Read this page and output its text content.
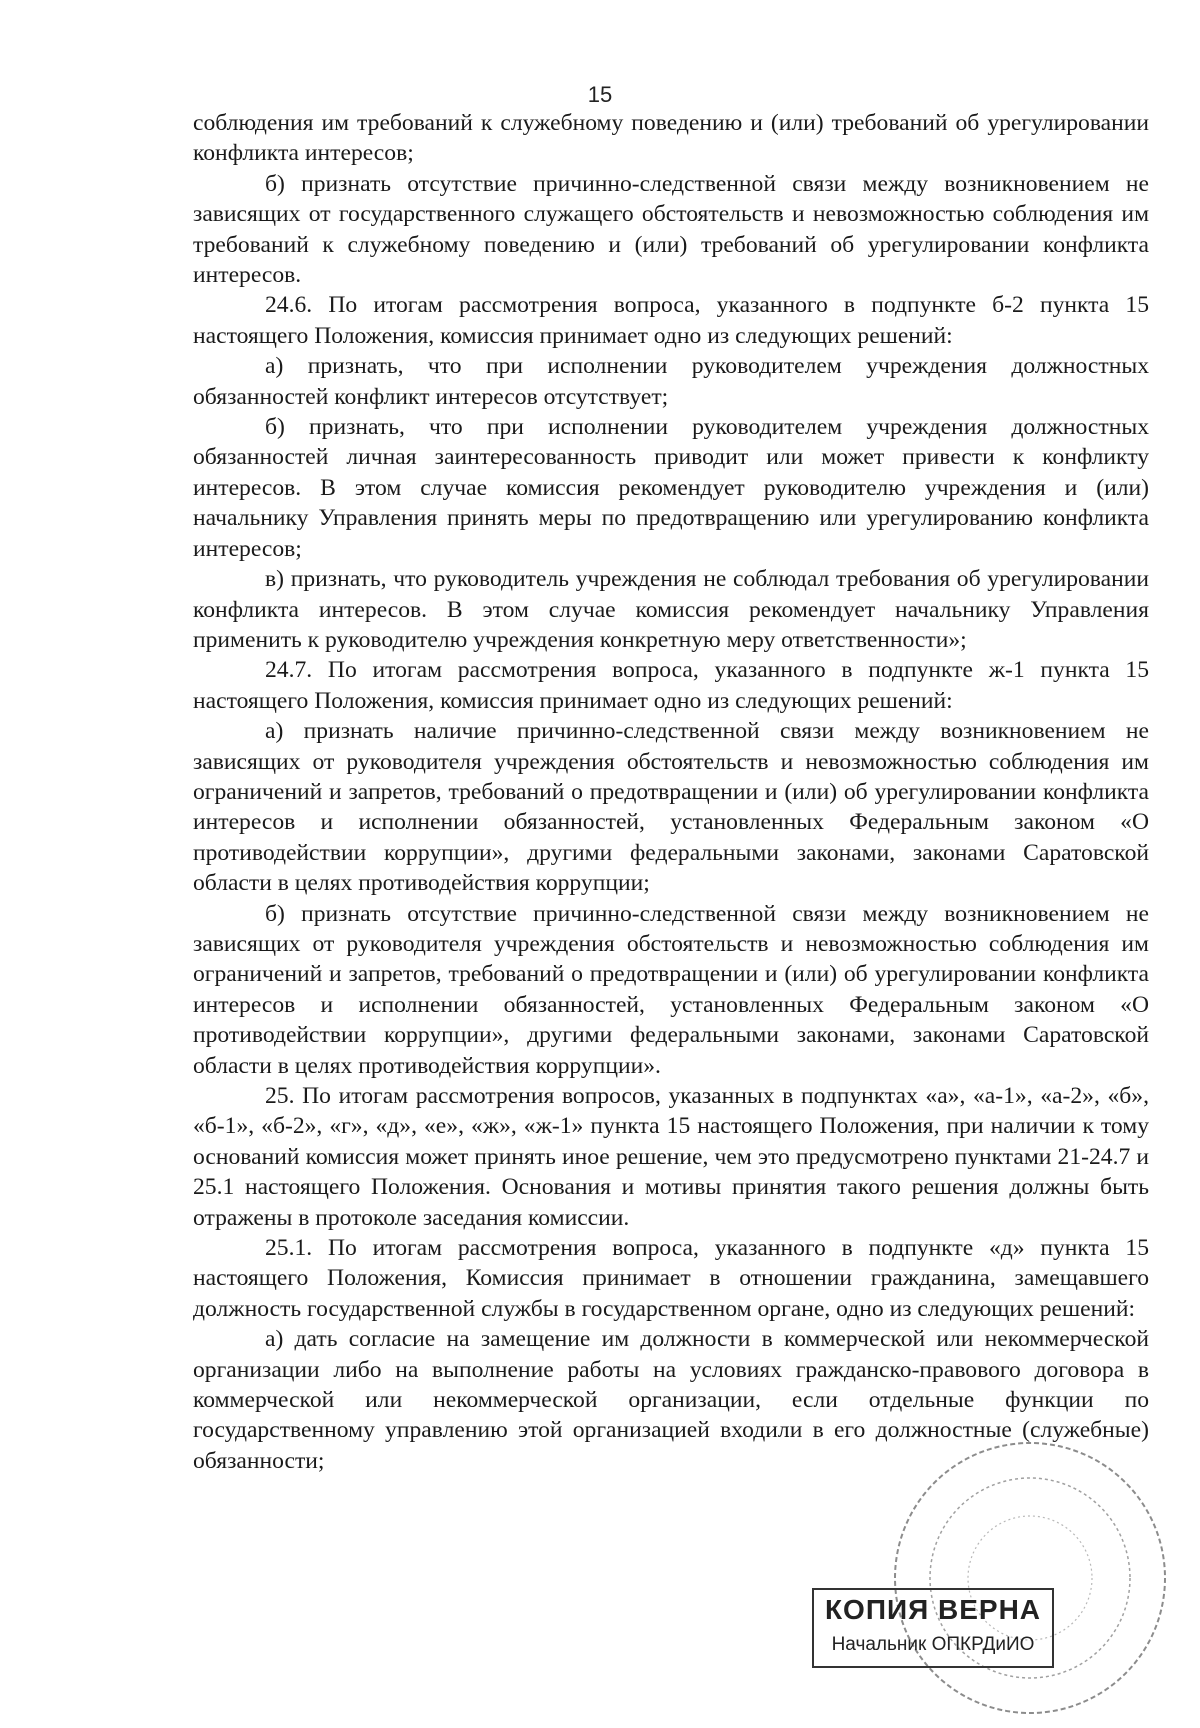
15

соблюдения им требований к служебному поведению и (или) требований об урегулировании конфликта интересов;

б) признать отсутствие причинно-следственной связи между возникновением не зависящих от государственного служащего обстоятельств и невозможностью соблюдения им требований к служебному поведению и (или) требований об урегулировании конфликта интересов.

24.6. По итогам рассмотрения вопроса, указанного в подпункте б-2 пункта 15 настоящего Положения, комиссия принимает одно из следующих решений:

а) признать, что при исполнении руководителем учреждения должностных обязанностей конфликт интересов отсутствует;

б) признать, что при исполнении руководителем учреждения должностных обязанностей личная заинтересованность приводит или может привести к конфликту интересов. В этом случае комиссия рекомендует руководителю учреждения и (или) начальнику Управления принять меры по предотвращению или урегулированию конфликта интересов;

в) признать, что руководитель учреждения не соблюдал требования об урегулировании конфликта интересов. В этом случае комиссия рекомендует начальнику Управления применить к руководителю учреждения конкретную меру ответственности»;

24.7. По итогам рассмотрения вопроса, указанного в подпункте ж-1 пункта 15 настоящего Положения, комиссия принимает одно из следующих решений:

а) признать наличие причинно-следственной связи между возникновением не зависящих от руководителя учреждения обстоятельств и невозможностью соблюдения им ограничений и запретов, требований о предотвращении и (или) об урегулировании конфликта интересов и исполнении обязанностей, установленных Федеральным законом «О противодействии коррупции», другими федеральными законами, законами Саратовской области в целях противодействия коррупции;

б) признать отсутствие причинно-следственной связи между возникновением не зависящих от руководителя учреждения обстоятельств и невозможностью соблюдения им ограничений и запретов, требований о предотвращении и (или) об урегулировании конфликта интересов и исполнении обязанностей, установленных Федеральным законом «О противодействии коррупции», другими федеральными законами, законами Саратовской области в целях противодействия коррупции».

25. По итогам рассмотрения вопросов, указанных в подпунктах «а», «а-1», «а-2», «б», «б-1», «б-2», «г», «д», «е», «ж», «ж-1» пункта 15 настоящего Положения, при наличии к тому оснований комиссия может принять иное решение, чем это предусмотрено пунктами 21-24.7 и 25.1 настоящего Положения. Основания и мотивы принятия такого решения должны быть отражены в протоколе заседания комиссии.

25.1. По итогам рассмотрения вопроса, указанного в подпункте «д» пункта 15 настоящего Положения, Комиссия принимает в отношении гражданина, замещавшего должность государственной службы в государственном органе, одно из следующих решений:

а) дать согласие на замещение им должности в коммерческой или некоммерческой организации либо на выполнение работы на условиях гражданско-правового договора в коммерческой или некоммерческой организации, если отдельные функции по государственному управлению этой организацией входили в его должностные (служебные) обязанности;

КОПИЯ ВЕРНА
Начальник ОПКРДиИО
